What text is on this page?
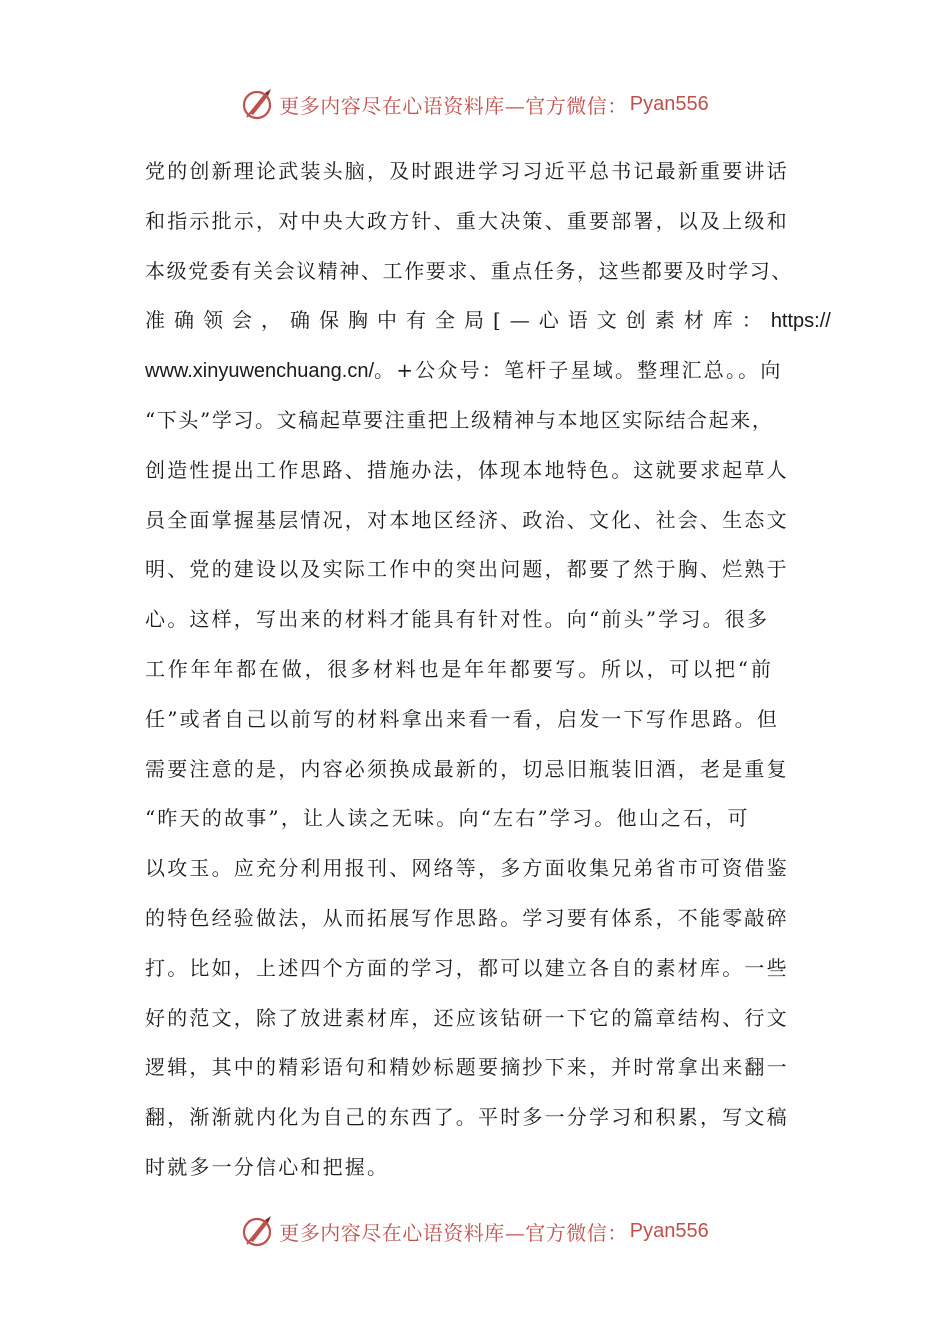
更多内容尽在心语资料库—官方微信： Pyan556
党的创新理论武装头脑，及时跟进学习习近平总书记最新重要讲话
和指示批示，对中央大政方针、重大决策、重要部署，以及上级和
本级党委有关会议精神、工作要求、重点任务，这些都要及时学习、
准确领会，确保胸中有全局[—心语文创素材库：https://
www.xinyuwenchuang.cn/。+公众号：笔杆子星域。整理汇总。。向
“下头”学习。文稿起草要注重把上级精神与本地区实际结合起来，
创造性提出工作思路、措施办法，体现本地特色。这就要求起草人
员全面掌握基层情况，对本地区经济、政治、文化、社会、生态文
明、党的建设以及实际工作中的突出问题，都要了然于胸、烂熟于
心。这样，写出来的材料才能具有针对性。向“前头”学习。很多
工作年年都在做，很多材料也是年年都要写。所以，可以把“前
任”或者自己以前写的材料拿出来看一看，启发一下写作思路。但
需要注意的是，内容必须换成最新的，切忌旧瓶装旧酒，老是重复
“昨天的故事”，让人读之无味。向“左右”学习。他山之石，可
以攻玉。应充分利用报刊、网络等，多方面收集兄弟省市可资借鉴
的特色经验做法，从而拓展写作思路。学习要有体系，不能零敲碎
打。比如，上述四个方面的学习，都可以建立各自的素材库。一些
好的范文，除了放进素材库，还应该钻研一下它的篇章结构、行文
逻辑，其中的精彩语句和精妙标题要摘抄下来，并时常拿出来翻一
翻，渐渐就内化为自己的东西了。平时多一分学习和积累，写文稿
时就多一分信心和把握。
更多内容尽在心语资料库—官方微信： Pyan556
